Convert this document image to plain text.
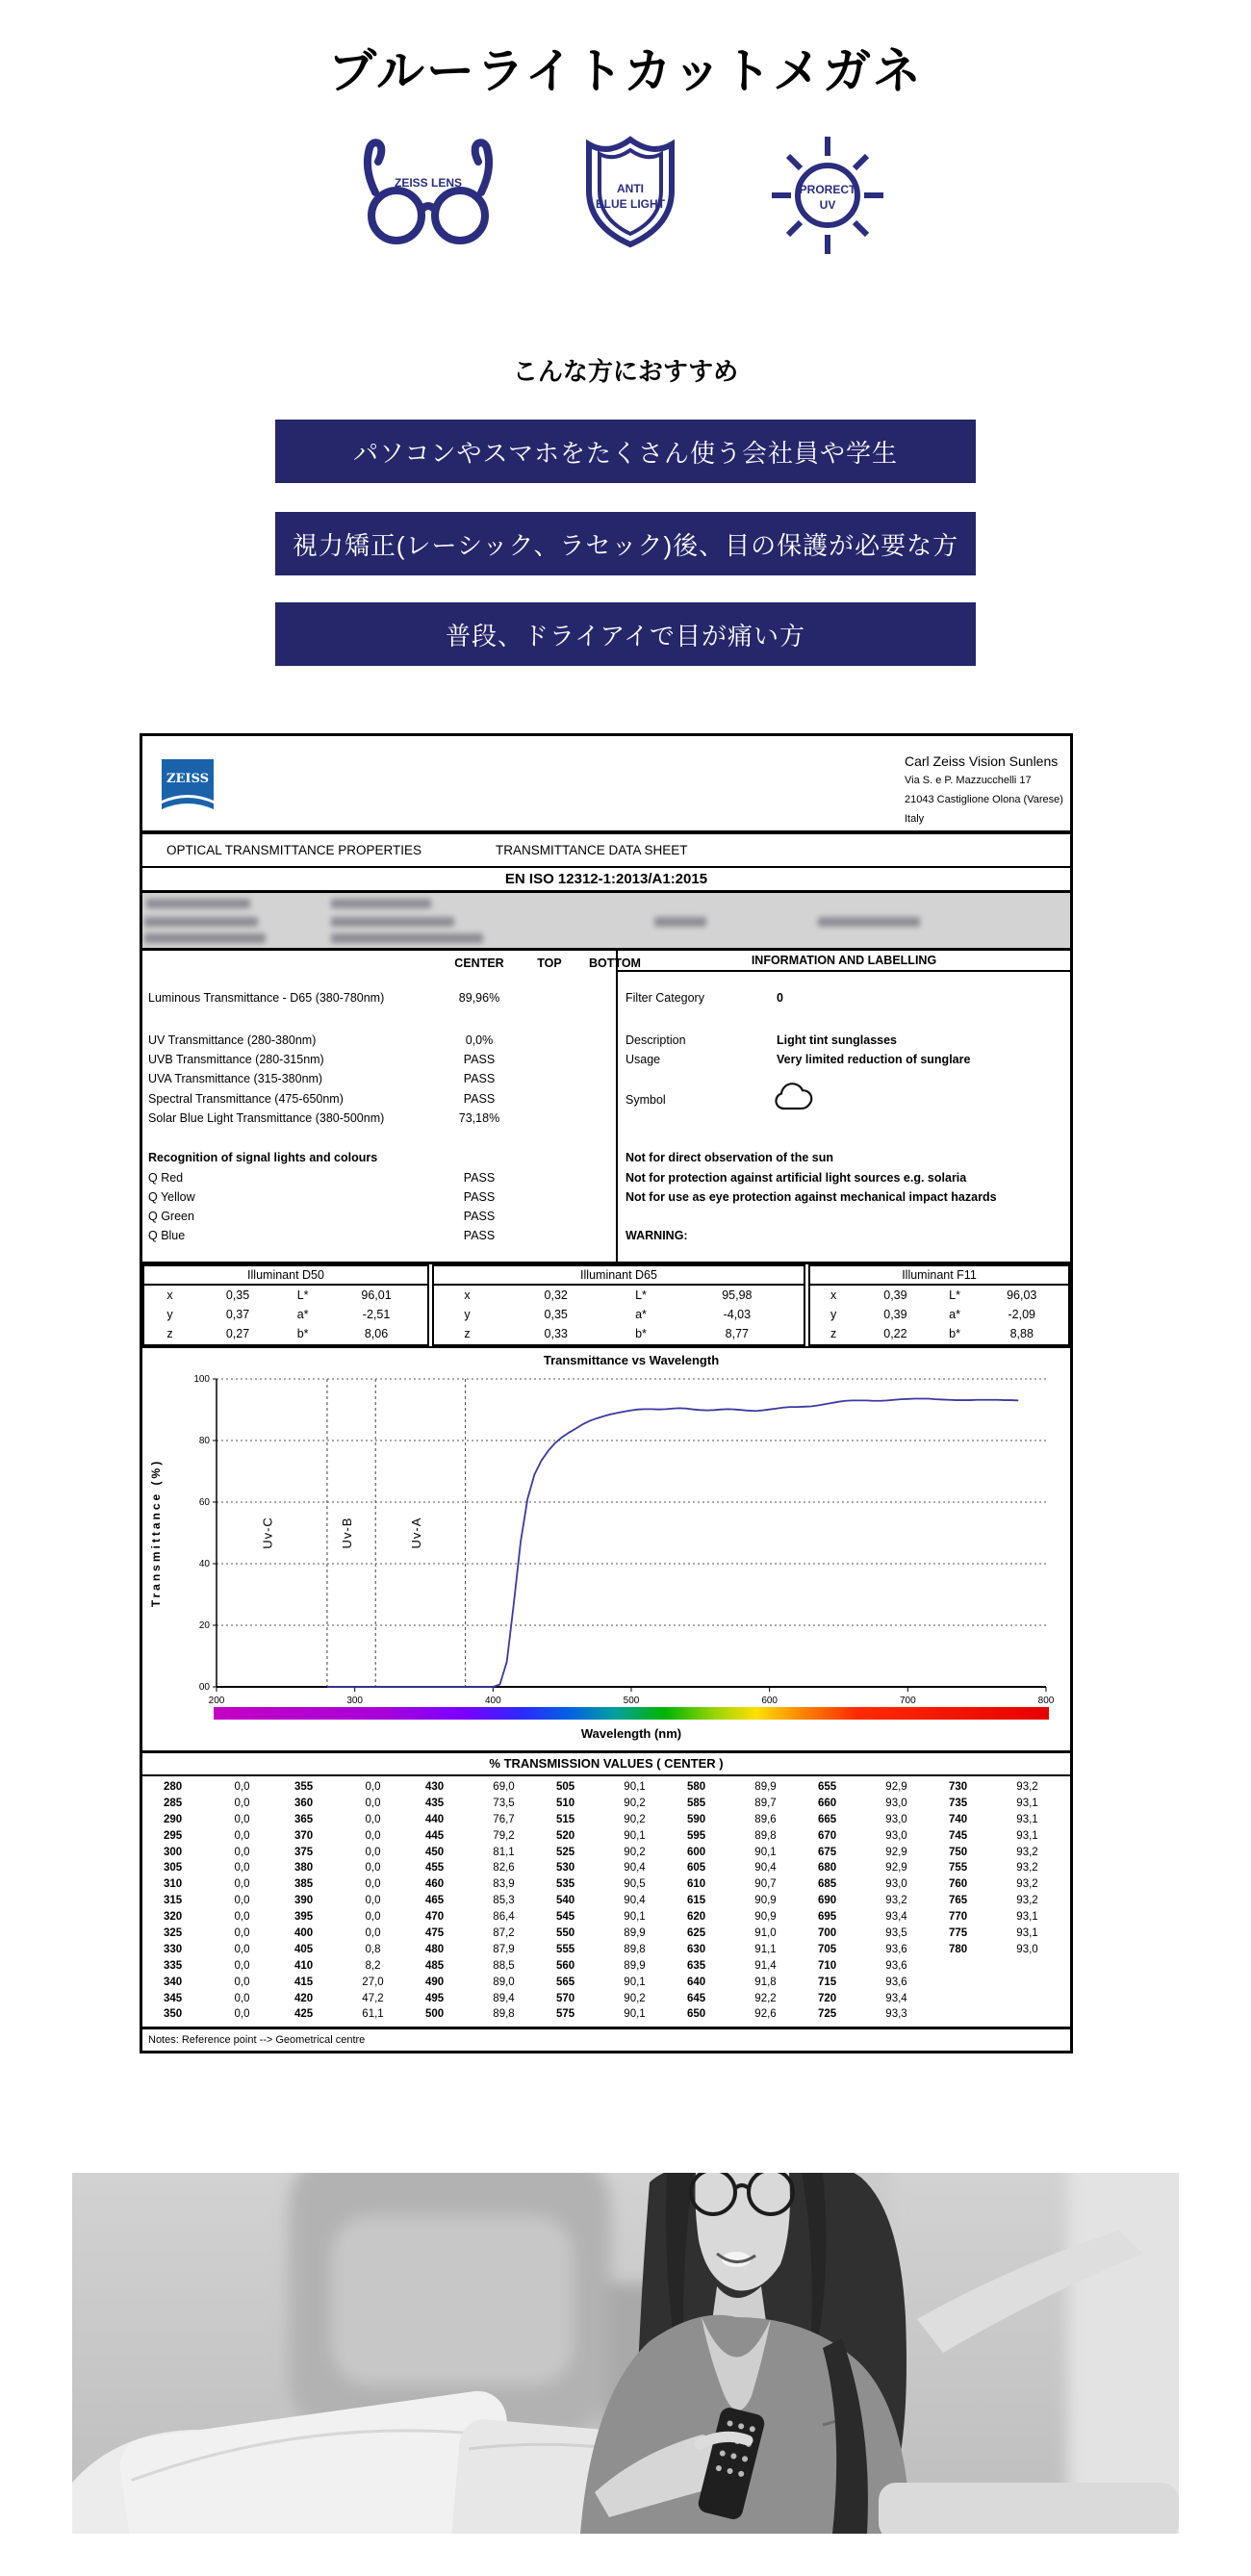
ブルーライトカットメガネ
ZEISS LENS	ANTI
BLUE LIGHT
PRORECT
UV
こんな方におすすめ
パソコンやスマホをたくさん使う会社員や学生
視力矯正(レーシック、ラセック)後、目の保護が必要な方
普段、ドライアイで目が痛い方
ZEISS
Carl Zeiss Vision Sunlens
Via S. e P. Mazzucchelli 17
21043 Castiglione Olona (Varese)
Italy
OPTICAL TRANSMITTANCE PROPERTIES	TRANSMITTANCE DATA SHEET
EN ISO 12312-1:2013/A1:2015
CENTER	TOP	BOTTOM
Luminous Transmittance - D65 (380-780nm)	89,96%
UV Transmittance (280-380nm)	0,0%
UVB Transmittance (280-315nm)	PASS
UVA Transmittance (315-380nm)	PASS
Spectral Transmittance (475-650nm)	PASS
Solar Blue Light Transmittance (380-500nm)	73,18%
Recognition of signal lights and colours
Q Red	PASS
Q Yellow	PASS
Q Green	PASS
Q Blue	PASS
INFORMATION AND LABELLING
Filter Category	0
Description	Light tint sunglasses
Usage	Very limited reduction of sunglare
Symbol
Not for direct observation of the sun
Not for protection against artificial light sources e.g. solaria
Not for use as eye protection against mechanical impact hazards
WARNING:
Illuminant D50
x	0,35	L*	96,01
y	0,37	a*	-2,51
z	0,27	b*	8,06
Illuminant D65
x	0,32	L*	95,98
y	0,35	a*	-4,03
z	0,33	b*	8,77
Illuminant F11
x	0,39	L*	96,03
y	0,39	a*	-2,09
z	0,22	b*	8,88
Transmittance vs Wavelength
00
20
40
60
80
100
Uv-C	Uv-B	Uv-A
200	300	400	500	600	700	800
Wavelength (nm)
Transmittance (%)
% TRANSMISSION VALUES ( CENTER )
280	0,0	355	0,0	430	69,0	505	90,1	580	89,9	655	92,9	730	93,2
285	0,0	360	0,0	435	73,5	510	90,2	585	89,7	660	93,0	735	93,1
290	0,0	365	0,0	440	76,7	515	90,2	590	89,6	665	93,0	740	93,1
295	0,0	370	0,0	445	79,2	520	90,1	595	89,8	670	93,0	745	93,1
300	0,0	375	0,0	450	81,1	525	90,2	600	90,1	675	92,9	750	93,2
305	0,0	380	0,0	455	82,6	530	90,4	605	90,4	680	92,9	755	93,2
310	0,0	385	0,0	460	83,9	535	90,5	610	90,7	685	93,0	760	93,2
315	0,0	390	0,0	465	85,3	540	90,4	615	90,9	690	93,2	765	93,2
320	0,0	395	0,0	470	86,4	545	90,1	620	90,9	695	93,4	770	93,1
325	0,0	400	0,0	475	87,2	550	89,9	625	91,0	700	93,5	775	93,1
330	0,0	405	0,8	480	87,9	555	89,8	630	91,1	705	93,6	780	93,0
335	0,0	410	8,2	485	88,5	560	89,9	635	91,4	710	93,6
340	0,0	415	27,0	490	89,0	565	90,1	640	91,8	715	93,6
345	0,0	420	47,2	495	89,4	570	90,2	645	92,2	720	93,4
350	0,0	425	61,1	500	89,8	575	90,1	650	92,6	725	93,3
Notes: Reference point --> Geometrical centre
